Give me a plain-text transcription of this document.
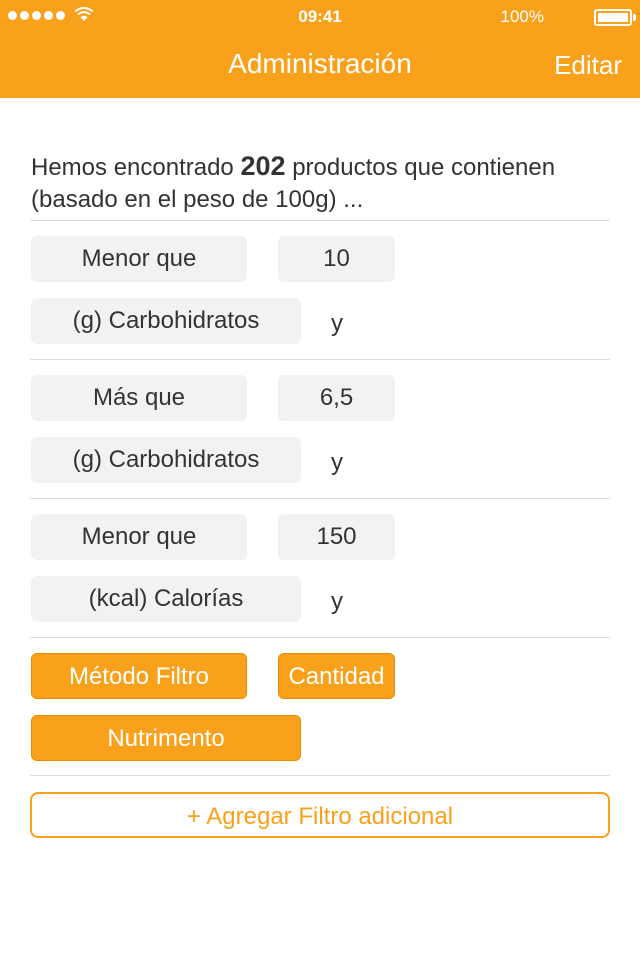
09:41	100%
Administración	Editar
Hemos encontrado 202 productos que contienen (basado en el peso de 100g) ...
Menor que	10
(g) Carbohidratos	y
Más que	6,5
(g) Carbohidratos	y
Menor que	150
(kcal) Calorías	y
Método Filtro	Cantidad
Nutrimento
+ Agregar Filtro adicional
